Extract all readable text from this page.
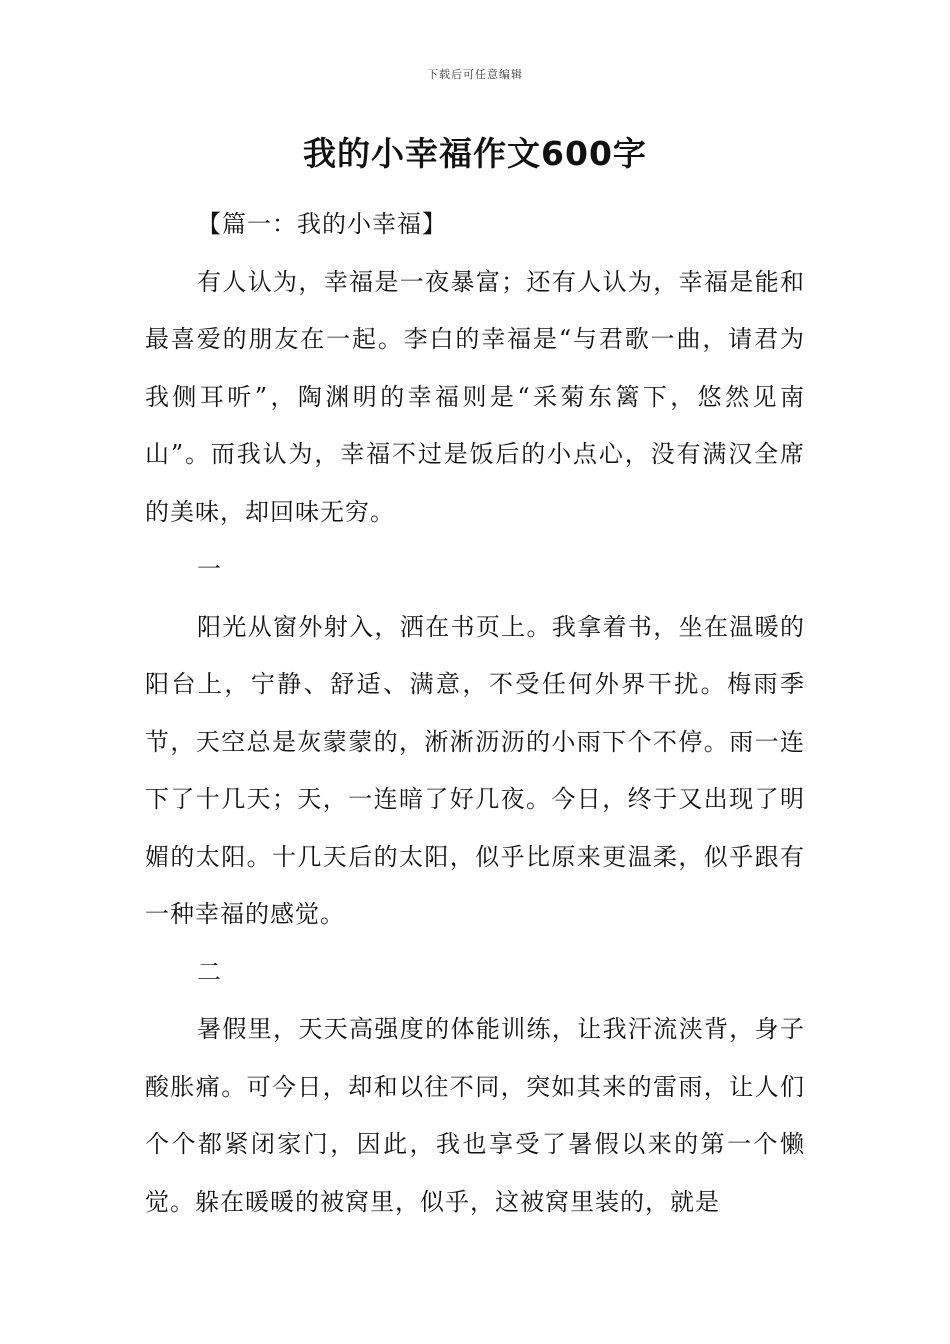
下载后可任意编辑
我的小幸福作文600字

【篇一：我的小幸福】

有人认为，幸福是一夜暴富；还有人认为，幸福是能和最喜爱的朋友在一起。李白的幸福是“与君歌一曲，请君为我侧耳听”，陶渊明的幸福则是“采菊东篱下，悠然见南山”。而我认为，幸福不过是饭后的小点心，没有满汉全席的美味，却回味无穷。

一

阳光从窗外射入，洒在书页上。我拿着书，坐在温暖的阳台上，宁静、舒适、满意，不受任何外界干扰。梅雨季节，天空总是灰蒙蒙的，淅淅沥沥的小雨下个不停。雨一连下了十几天；天，一连暗了好几夜。今日，终于又出现了明媚的太阳。十几天后的太阳，似乎比原来更温柔，似乎跟有一种幸福的感觉。

二

暑假里，天天高强度的体能训练，让我汗流浃背，身子酸胀痛。可今日，却和以往不同，突如其来的雷雨，让人们个个都紧闭家门，因此，我也享受了暑假以来的第一个懒觉。躲在暖暖的被窝里，似乎，这被窝里装的，就是
